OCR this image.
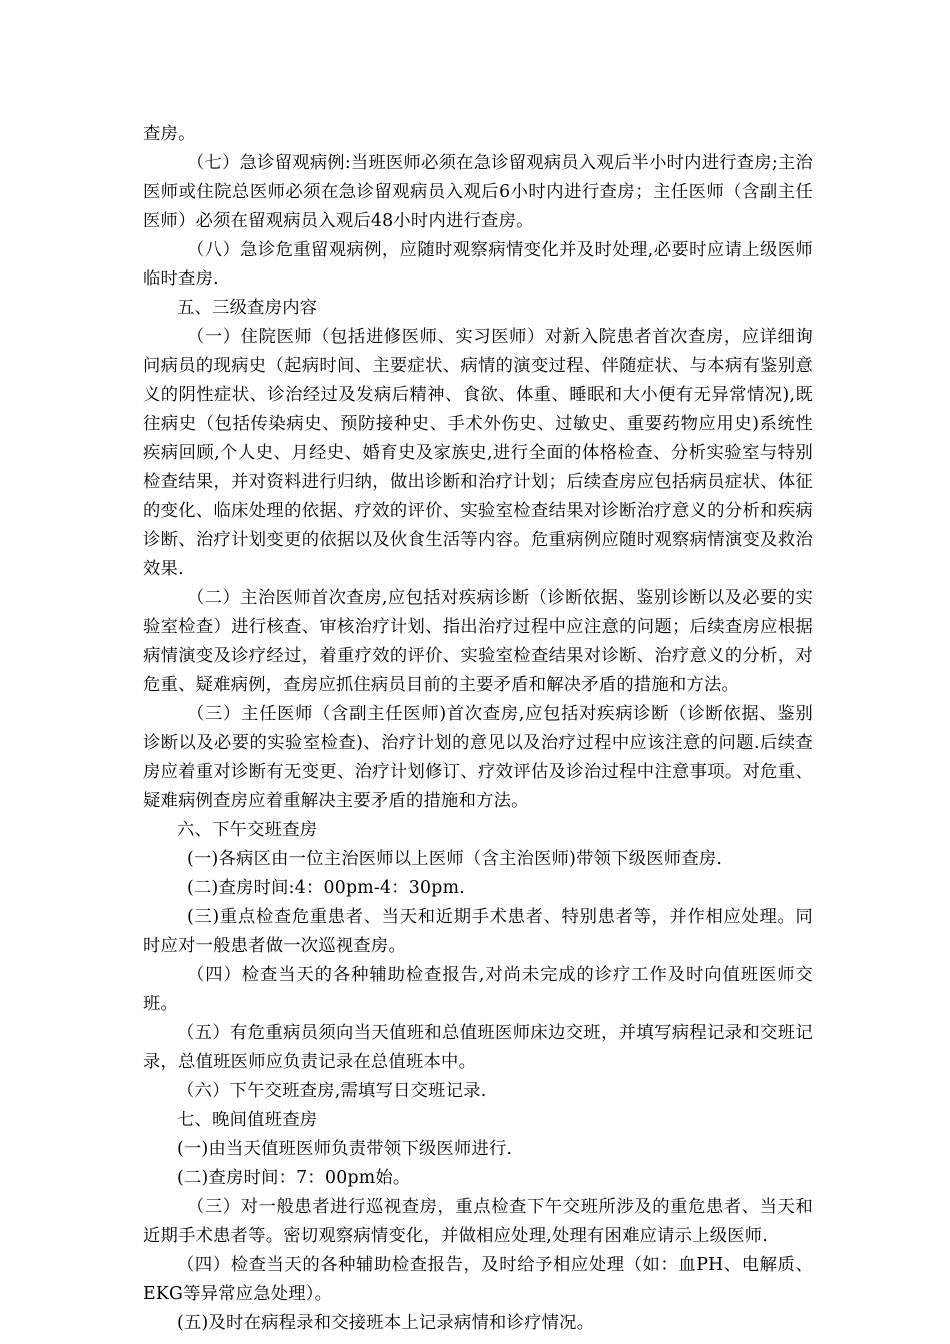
查房。

（七）急诊留观病例:当班医师必须在急诊留观病员入观后半小时内进行查房;主治医师或住院总医师必须在急诊留观病员入观后6小时内进行查房；主任医师（含副主任医师）必须在留观病员入观后48小时内进行查房。

（八）急诊危重留观病例，应随时观察病情变化并及时处理,必要时应请上级医师临时查房.

五、三级查房内容

（一）住院医师（包括进修医师、实习医师）对新入院患者首次查房，应详细询问病员的现病史（起病时间、主要症状、病情的演变过程、伴随症状、与本病有鉴别意义的阴性症状、诊治经过及发病后精神、食欲、体重、睡眠和大小便有无异常情况),既往病史（包括传染病史、预防接种史、手术外伤史、过敏史、重要药物应用史)系统性疾病回顾,个人史、月经史、婚育史及家族史,进行全面的体格检查、分析实验室与特别检查结果，并对资料进行归纳，做出诊断和治疗计划；后续查房应包括病员症状、体征的变化、临床处理的依据、疗效的评价、实验室检查结果对诊断治疗意义的分析和疾病诊断、治疗计划变更的依据以及伙食生活等内容。危重病例应随时观察病情演变及救治效果.

（二）主治医师首次查房,应包括对疾病诊断（诊断依据、鉴别诊断以及必要的实验室检查）进行核查、审核治疗计划、指出治疗过程中应注意的问题；后续查房应根据病情演变及诊疗经过，着重疗效的评价、实验室检查结果对诊断、治疗意义的分析，对危重、疑难病例，查房应抓住病员目前的主要矛盾和解决矛盾的措施和方法。

（三）主任医师（含副主任医师)首次查房,应包括对疾病诊断（诊断依据、鉴别诊断以及必要的实验室检查)、治疗计划的意见以及治疗过程中应该注意的问题.后续查房应着重对诊断有无变更、治疗计划修订、疗效评估及诊治过程中注意事项。对危重、疑难病例查房应着重解决主要矛盾的措施和方法。

六、下午交班查房

(一)各病区由一位主治医师以上医师（含主治医师)带领下级医师查房.

(二)查房时间:4：00pm-4：30pm.

(三)重点检查危重患者、当天和近期手术患者、特别患者等，并作相应处理。同时应对一般患者做一次巡视查房。

（四）检查当天的各种辅助检查报告,对尚未完成的诊疗工作及时向值班医师交班。

（五）有危重病员须向当天值班和总值班医师床边交班，并填写病程记录和交班记录，总值班医师应负责记录在总值班本中。

（六）下午交班查房,需填写日交班记录.

七、晚间值班查房

(一)由当天值班医师负责带领下级医师进行.

(二)查房时间：7：00pm始。

（三）对一般患者进行巡视查房，重点检查下午交班所涉及的重危患者、当天和近期手术患者等。密切观察病情变化，并做相应处理,处理有困难应请示上级医师.

（四）检查当天的各种辅助检查报告，及时给予相应处理（如：血PH、电解质、EKG等异常应急处理）。

(五)及时在病程录和交接班本上记录病情和诊疗情况。
